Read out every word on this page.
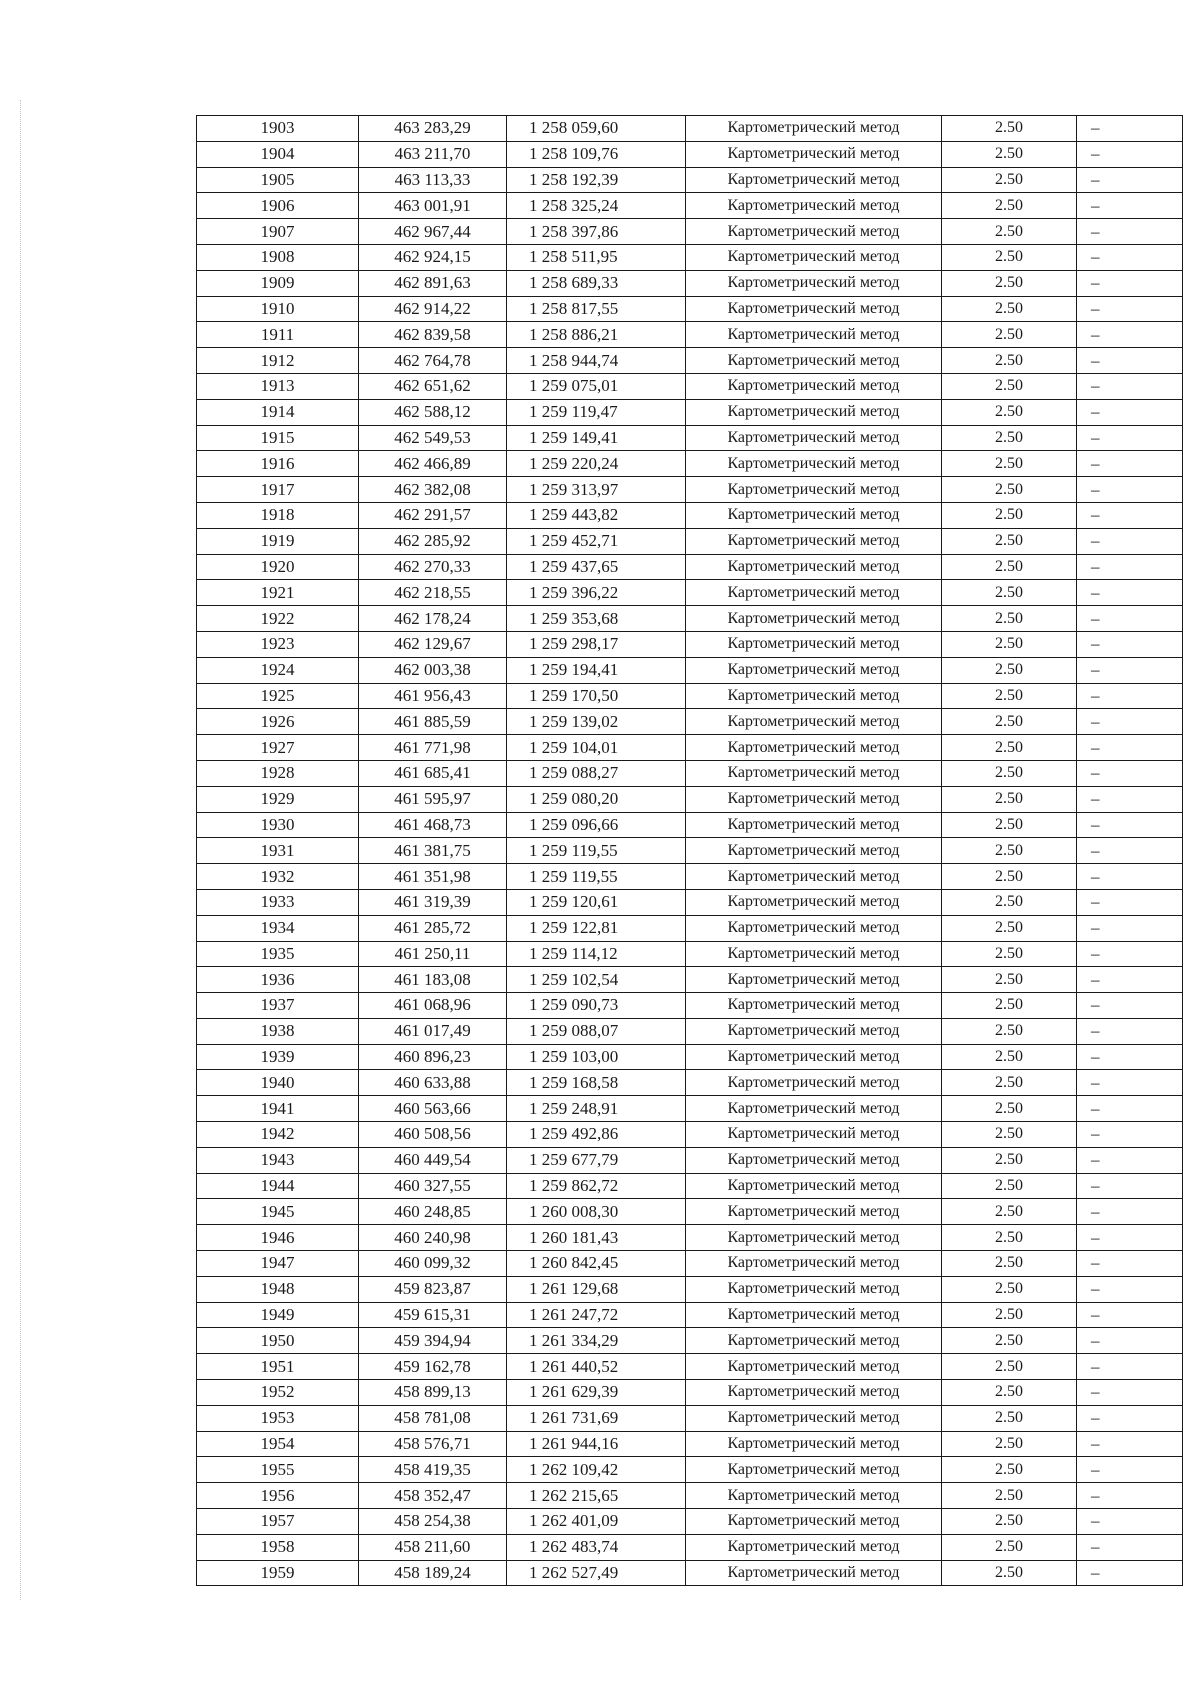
1903	463 283,29	1 258 059,60	Картометрический метод	2.50	–
1904	463 211,70	1 258 109,76	Картометрический метод	2.50	–
1905	463 113,33	1 258 192,39	Картометрический метод	2.50	–
1906	463 001,91	1 258 325,24	Картометрический метод	2.50	–
1907	462 967,44	1 258 397,86	Картометрический метод	2.50	–
1908	462 924,15	1 258 511,95	Картометрический метод	2.50	–
1909	462 891,63	1 258 689,33	Картометрический метод	2.50	–
1910	462 914,22	1 258 817,55	Картометрический метод	2.50	–
1911	462 839,58	1 258 886,21	Картометрический метод	2.50	–
1912	462 764,78	1 258 944,74	Картометрический метод	2.50	–
1913	462 651,62	1 259 075,01	Картометрический метод	2.50	–
1914	462 588,12	1 259 119,47	Картометрический метод	2.50	–
1915	462 549,53	1 259 149,41	Картометрический метод	2.50	–
1916	462 466,89	1 259 220,24	Картометрический метод	2.50	–
1917	462 382,08	1 259 313,97	Картометрический метод	2.50	–
1918	462 291,57	1 259 443,82	Картометрический метод	2.50	–
1919	462 285,92	1 259 452,71	Картометрический метод	2.50	–
1920	462 270,33	1 259 437,65	Картометрический метод	2.50	–
1921	462 218,55	1 259 396,22	Картометрический метод	2.50	–
1922	462 178,24	1 259 353,68	Картометрический метод	2.50	–
1923	462 129,67	1 259 298,17	Картометрический метод	2.50	–
1924	462 003,38	1 259 194,41	Картометрический метод	2.50	–
1925	461 956,43	1 259 170,50	Картометрический метод	2.50	–
1926	461 885,59	1 259 139,02	Картометрический метод	2.50	–
1927	461 771,98	1 259 104,01	Картометрический метод	2.50	–
1928	461 685,41	1 259 088,27	Картометрический метод	2.50	–
1929	461 595,97	1 259 080,20	Картометрический метод	2.50	–
1930	461 468,73	1 259 096,66	Картометрический метод	2.50	–
1931	461 381,75	1 259 119,55	Картометрический метод	2.50	–
1932	461 351,98	1 259 119,55	Картометрический метод	2.50	–
1933	461 319,39	1 259 120,61	Картометрический метод	2.50	–
1934	461 285,72	1 259 122,81	Картометрический метод	2.50	–
1935	461 250,11	1 259 114,12	Картометрический метод	2.50	–
1936	461 183,08	1 259 102,54	Картометрический метод	2.50	–
1937	461 068,96	1 259 090,73	Картометрический метод	2.50	–
1938	461 017,49	1 259 088,07	Картометрический метод	2.50	–
1939	460 896,23	1 259 103,00	Картометрический метод	2.50	–
1940	460 633,88	1 259 168,58	Картометрический метод	2.50	–
1941	460 563,66	1 259 248,91	Картометрический метод	2.50	–
1942	460 508,56	1 259 492,86	Картометрический метод	2.50	–
1943	460 449,54	1 259 677,79	Картометрический метод	2.50	–
1944	460 327,55	1 259 862,72	Картометрический метод	2.50	–
1945	460 248,85	1 260 008,30	Картометрический метод	2.50	–
1946	460 240,98	1 260 181,43	Картометрический метод	2.50	–
1947	460 099,32	1 260 842,45	Картометрический метод	2.50	–
1948	459 823,87	1 261 129,68	Картометрический метод	2.50	–
1949	459 615,31	1 261 247,72	Картометрический метод	2.50	–
1950	459 394,94	1 261 334,29	Картометрический метод	2.50	–
1951	459 162,78	1 261 440,52	Картометрический метод	2.50	–
1952	458 899,13	1 261 629,39	Картометрический метод	2.50	–
1953	458 781,08	1 261 731,69	Картометрический метод	2.50	–
1954	458 576,71	1 261 944,16	Картометрический метод	2.50	–
1955	458 419,35	1 262 109,42	Картометрический метод	2.50	–
1956	458 352,47	1 262 215,65	Картометрический метод	2.50	–
1957	458 254,38	1 262 401,09	Картометрический метод	2.50	–
1958	458 211,60	1 262 483,74	Картометрический метод	2.50	–
1959	458 189,24	1 262 527,49	Картометрический метод	2.50	–
